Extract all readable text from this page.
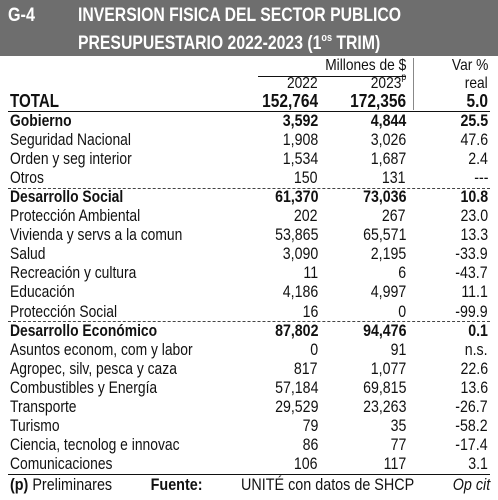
G-4 INVERSION FISICA DEL SECTOR PUBLICO
PRESUPUESTARIO 2022-2023 ($1^{os}$ TRIM)
Millones de $
2022	2023$^p$
Var %
real
TOTAL	152,764 172,356	5.0
Gobierno	3,592	4,844	25.5
Seguridad Nacional	1,908	3,026	47.6
Orden y seg interior	1,534	1,687	2.4
Otros	150	131	---
Desarrollo Social	61,370	73,036	10.8
Protección Ambiental	202	267	23.0
Vivienda y servs a la comun	53,865	65,571	13.3
Salud	3,090	2,195	-33.9
Recreación y cultura	11	6	-43.7
Educación	4,186	4,997	11.1
Protección Social	16	0	-99.9
Desarrollo Económico	87,802	94,476	0.1
Asuntos econom, com y labor	0	91	n.s.
Agropec, silv, pesca y caza	817	1,077	22.6
Combustibles y Energía	57,184	69,815	13.6
Transporte	29,529	23,263	-26.7
Turismo	79	35	-58.2
Ciencia, tecnolog e innovac	86	77	-17.4
Comunicaciones	106	117	3.1
(p) Preliminares Fuente: UNITÉ con datos de SHCP Op cit
